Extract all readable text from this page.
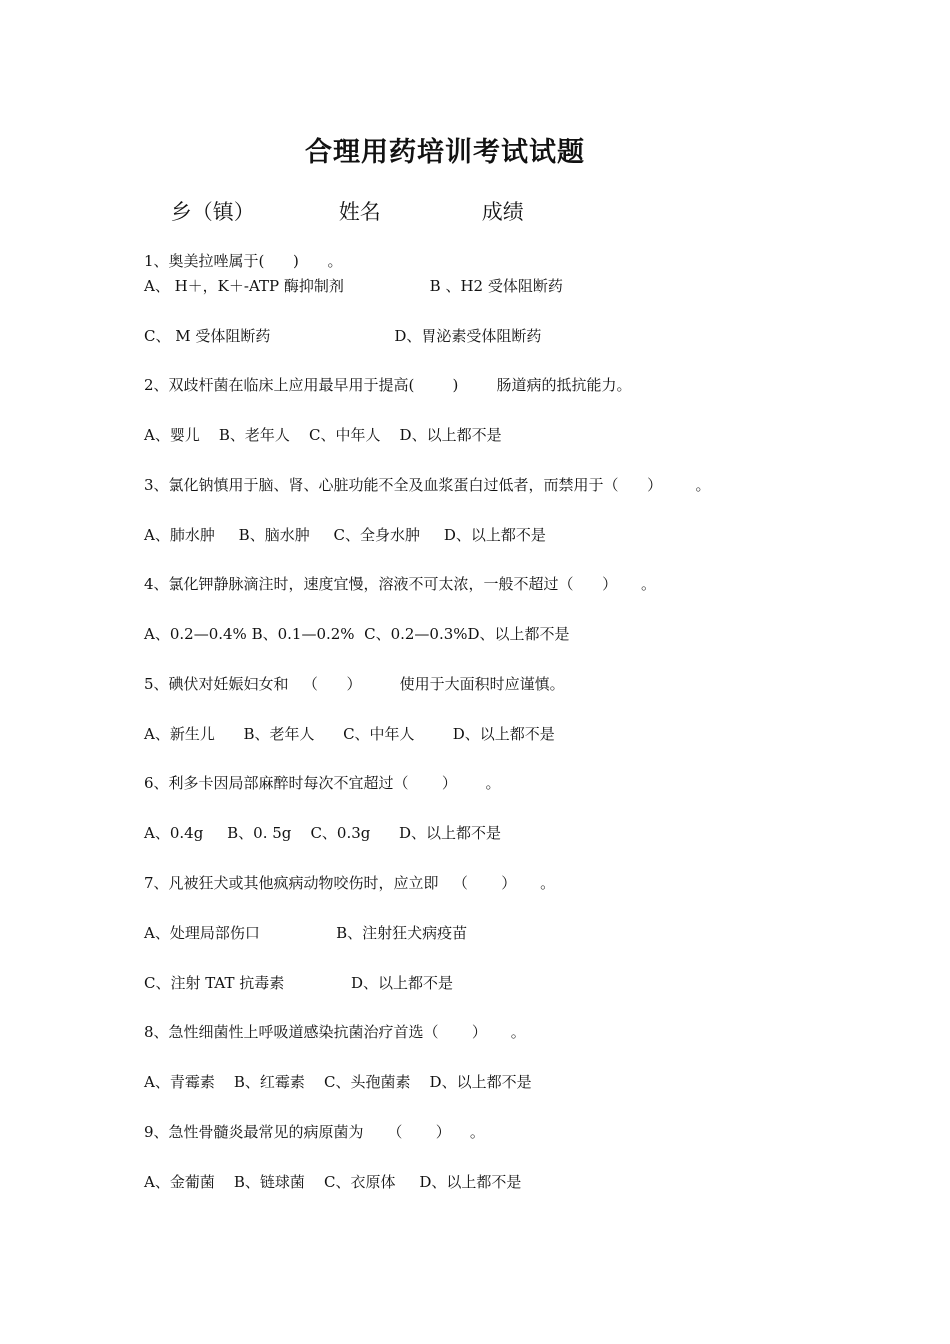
合理用药培训考试试题

乡（镇）	姓名	成绩

1、奥美拉唑属于(      )      。
A、 H＋，K＋-ATP 酶抑制剂                  B 、H2 受体阻断药
C、 M 受体阻断药                          D、胃泌素受体阻断药
2、双歧杆菌在临床上应用最早用于提高(        )        肠道病的抵抗能力。
A、婴儿    B、老年人    C、中年人    D、以上都不是
3、氯化钠慎用于脑、肾、心脏功能不全及血浆蛋白过低者，而禁用于（      ）       。
A、肺水肿     B、脑水肿     C、全身水肿     D、以上都不是
4、氯化钾静脉滴注时，速度宜慢，溶液不可太浓，一般不超过（      ）     。
A、0.2—0.4% B、0.1—0.2%  C、0.2—0.3%D、以上都不是
5、碘伏对妊娠妇女和   （      ）        使用于大面积时应谨慎。
A、新生儿      B、老年人      C、中年人        D、以上都不是
6、利多卡因局部麻醉时每次不宜超过（       ）      。
A、0.4g     B、0. 5g    C、0.3g      D、以上都不是
7、凡被狂犬或其他疯病动物咬伤时，应立即   （       ）     。
A、处理局部伤口                B、注射狂犬病疫苗
C、注射 TAT 抗毒素              D、以上都不是
8、急性细菌性上呼吸道感染抗菌治疗首选（       ）     。
A、青霉素    B、红霉素    C、头孢菌素    D、以上都不是
9、急性骨髓炎最常见的病原菌为     （       ）    。
A、金葡菌    B、链球菌    C、衣原体     D、以上都不是
